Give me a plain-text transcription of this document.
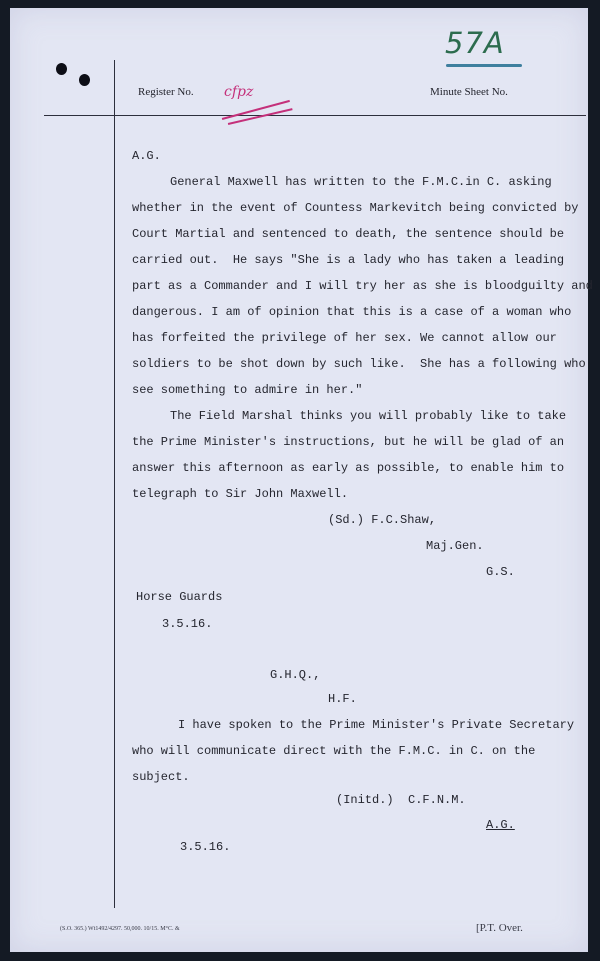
57A
Register No. cfpz	Minute Sheet No.
A.G.
General Maxwell has written to the F.M.C.in C. asking
whether in the event of Countess Markevitch being convicted by
Court Martial and sentenced to death, the sentence should be
carried out.  He says "She is a lady who has taken a leading
part as a Commander and I will try her as she is bloodguilty and
dangerous. I am of opinion that this is a case of a woman who
has forfeited the privilege of her sex. We cannot allow our
soldiers to be shot down by such like.  She has a following who
see something to admire in her."
The Field Marshal thinks you will probably like to take
the Prime Minister's instructions, but he will be glad of an
answer this afternoon as early as possible, to enable him to
telegraph to Sir John Maxwell.
(Sd.) F.C.Shaw,
Maj.Gen.
G.S.
Horse Guards
3.5.16.
G.H.Q.,
H.F.
I have spoken to the Prime Minister's Private Secretary
who will communicate direct with the F.M.C. in C. on the
subject.
(Initd.)  C.F.N.M.
A.G.
3.5.16.
(S.O. 365.) Wt1492/4297. 50,000. 10/15. M°C. &	[P.T. Over.
